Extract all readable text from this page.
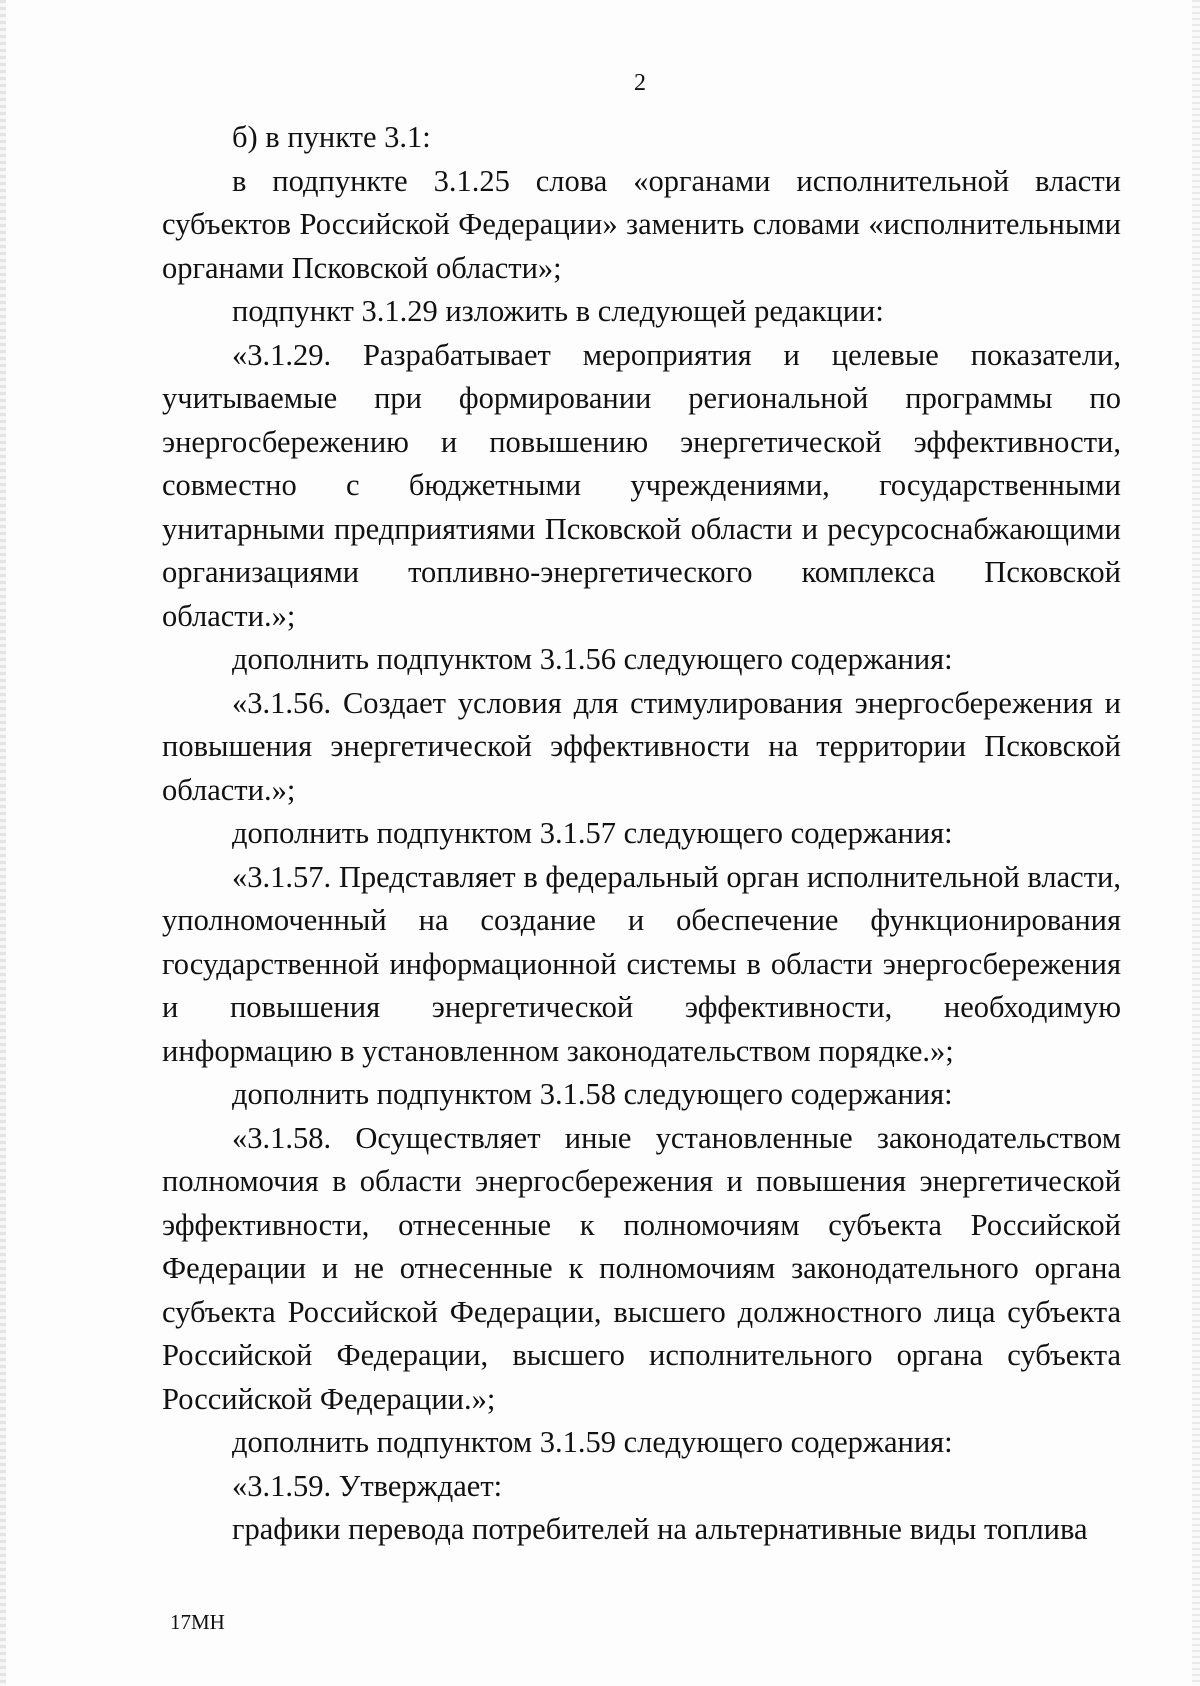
2

б) в пункте 3.1:

в подпункте 3.1.25 слова «органами исполнительной власти субъектов Российской Федерации» заменить словами «исполнительными органами Псковской области»;

подпункт 3.1.29 изложить в следующей редакции:

«3.1.29. Разрабатывает мероприятия и целевые показатели, учитываемые при формировании региональной программы по энергосбережению и повышению энергетической эффективности, совместно с бюджетными учреждениями, государственными унитарными предприятиями Псковской области и ресурсоснабжающими организациями топливно-энергетического комплекса Псковской области.»;

дополнить подпунктом 3.1.56 следующего содержания:

«3.1.56. Создает условия для стимулирования энергосбережения и повышения энергетической эффективности на территории Псковской области.»;

дополнить подпунктом 3.1.57 следующего содержания:

«3.1.57. Представляет в федеральный орган исполнительной власти, уполномоченный на создание и обеспечение функционирования государственной информационной системы в области энергосбережения и повышения энергетической эффективности, необходимую информацию в установленном законодательством порядке.»;

дополнить подпунктом 3.1.58 следующего содержания:

«3.1.58. Осуществляет иные установленные законодательством полномочия в области энергосбережения и повышения энергетической эффективности, отнесенные к полномочиям субъекта Российской Федерации и не отнесенные к полномочиям законодательного органа субъекта Российской Федерации, высшего должностного лица субъекта Российской Федерации, высшего исполнительного органа субъекта Российской Федерации.»;

дополнить подпунктом 3.1.59 следующего содержания:

«3.1.59. Утверждает:

графики перевода потребителей на альтернативные виды топлива

17МН
